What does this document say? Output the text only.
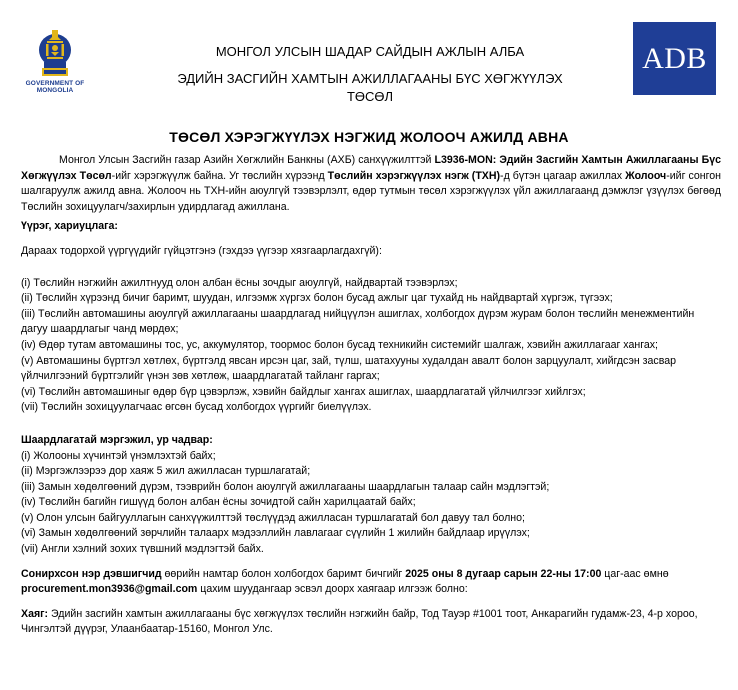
GOVERNMENT OF
MONGOLIA
ADB
МОНГОЛ УЛСЫН ШАДАР САЙДЫН АЖЛЫН АЛБА
ЭДИЙН ЗАСГИЙН ХАМТЫН АЖИЛЛАГААНЫ БҮС ХӨГЖҮҮЛЭХ
ТӨСӨЛ
ТӨСӨЛ ХЭРЭГЖҮҮЛЭХ НЭГЖИД ЖОЛООЧ АЖИЛД АВНА

Монгол Улсын Засгийн газар Азийн Хөгжлийн Банкны (АХБ) санхүүжилттэй L3936-MON: Эдийн Засгийн Хамтын Ажиллагааны Бүс Хөгжүүлэх Төсөл-ийг хэрэгжүүлж байна. Уг төслийн хүрээнд Төслийн хэрэгжүүлэх нэгж (ТХН)-д бүтэн цагаар ажиллах Жолооч-ийг сонгон шалгаруулж ажилд авна. Жолооч нь ТХН-ийн аюулгүй тээвэрлэлт, өдөр тутмын төсөл хэрэгжүүлэх үйл ажиллагаанд дэмжлэг үзүүлэх бөгөөд Төслийн зохицуулагч/захирлын удирдлагад ажиллана.

Үүрэг, хариуцлага:

Дараах тодорхой үүргүүдийг гүйцэтгэнэ (гэхдээ үүгээр хязгаарлагдахгүй):

(i) Төслийн нэгжийн ажилтнууд олон албан ёсны зочдыг аюулгүй, найдвартай тээвэрлэх;

(ii) Төслийн хүрээнд бичиг баримт, шуудан, илгээмж хүргэх болон бусад ажлыг цаг тухайд нь найдвартай хүргэж, түгээх;

(iii) Төслийн автомашины аюулгүй ажиллагааны шаардлагад нийцүүлэн ашиглах, холбогдох дүрэм журам болон төслийн менежментийн дагуу шаардлагыг чанд мөрдөх;

(iv) Өдөр тутам автомашины тос, ус, аккумулятор, тоормос болон бусад техникийн системийг шалгаж, хэвийн ажиллагааг хангах;

(v) Автомашины бүртгэл хөтлөх, бүртгэлд явсан ирсэн цаг, зай, түлш, шатахууны худалдан авалт болон зарцуулалт, хийгдсэн засвар үйлчилгээний бүртгэлийг үнэн зөв хөтлөж, шаардлагатай тайланг гаргах;

(vi) Төслийн автомашиныг өдөр бүр цэвэрлэж, хэвийн байдлыг хангах ашиглах, шаардлагатай үйлчилгээг хийлгэх;

(vii) Төслийн зохицуулагчаас өгсөн бусад холбогдох үүргийг биелүүлэх.

Шаардлагатай мэргэжил, ур чадвар:

(i) Жолооны хүчинтэй үнэмлэхтэй байх;

(ii) Мэргэжлээрээ дор хаяж 5 жил ажилласан туршлагатай;

(iii) Замын хөдөлгөөний дүрэм, тээврийн болон аюулгүй ажиллагааны шаардлагын талаар сайн мэдлэгтэй;

(iv) Төслийн багийн гишүүд болон албан ёсны зочидтой сайн харилцаатай байх;

(v) Олон улсын байгууллагын санхүүжилттэй төслүүдэд ажилласан туршлагатай бол давуу тал болно;

(vi) Замын хөдөлгөөний зөрчлийн талаарх мэдээллийн лавлагааг сүүлийн 1 жилийн байдлаар ирүүлэх;

(vii) Англи хэлний зохих түвшний мэдлэгтэй байх.

Сонирхсон нэр дэвшигчид өөрийн намтар болон холбогдох баримт бичгийг 2025 оны 8 дугаар сарын 22-ны 17:00 цаг-аас өмнө procurement.mon3936@gmail.com цахим шуудангаар эсвэл доорх хаягаар илгээж болно:

Хаяг: Эдийн засгийн хамтын ажиллагааны бүс хөгжүүлэх төслийн нэгжийн байр, Тод Тауэр #1001 тоот, Анкарагийн гудамж-23, 4-р хороо, Чингэлтэй дүүрэг, Улаанбаатар-15160, Монгол Улс.
